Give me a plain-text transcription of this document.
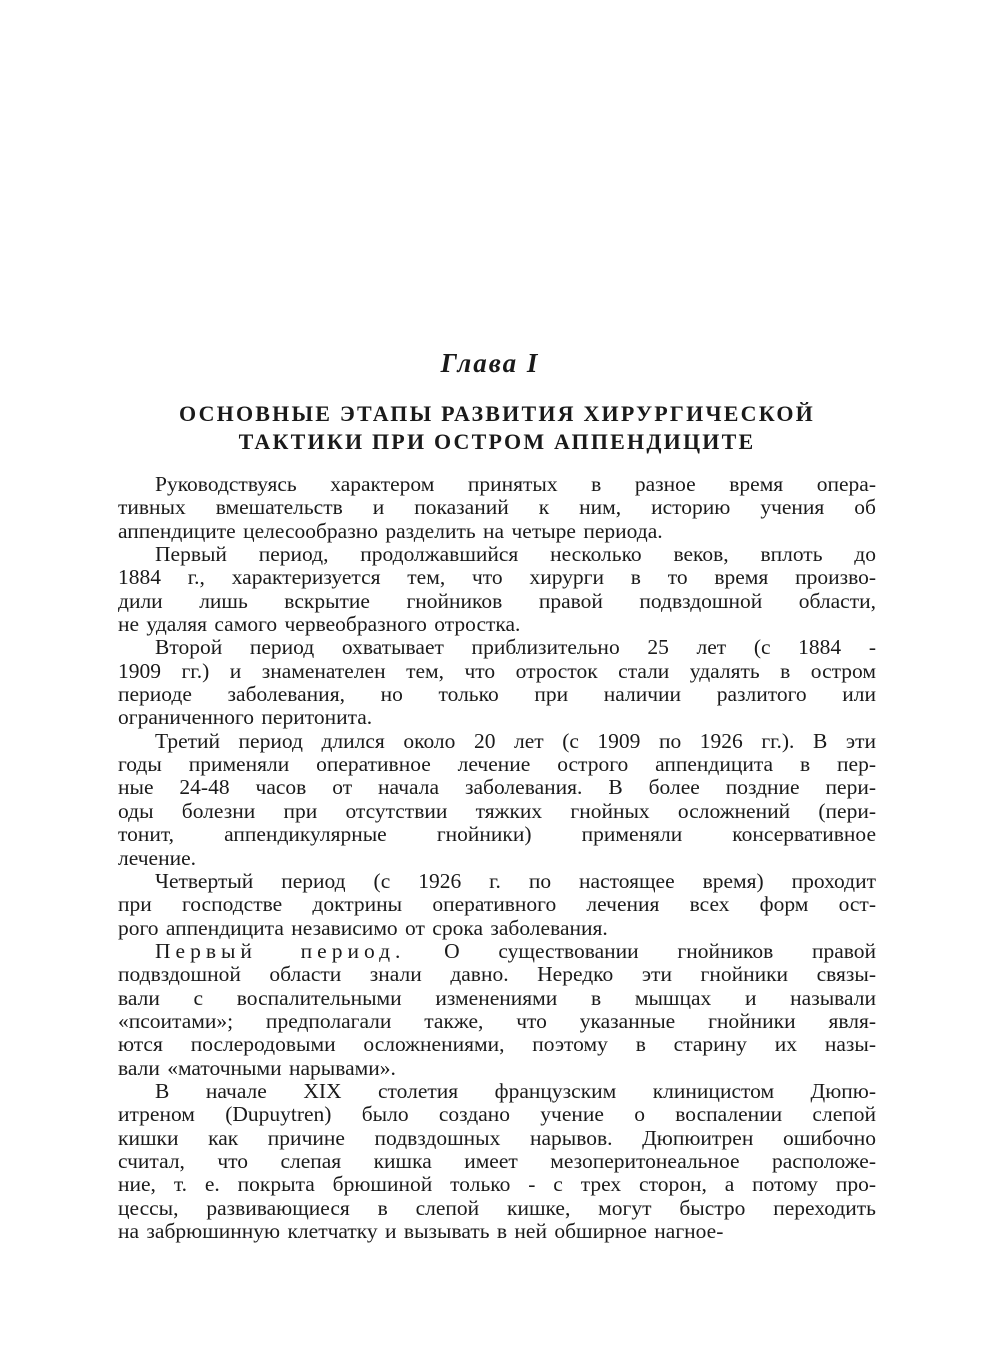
Глава I
ОСНОВНЫЕ ЭТАПЫ РАЗВИТИЯ ХИРУРГИЧЕСКОЙ
ТАКТИКИ ПРИ ОСТРОМ АППЕНДИЦИТЕ
Руководствуясь характером принятых в разное время опера-
тивных вмешательств и показаний к ним, историю учения об
аппендиците целесообразно разделить на четыре периода.
Первый период, продолжавшийся несколько веков, вплоть до
1884 г., характеризуется тем, что хирурги в то время произво-
дили лишь вскрытие гнойников правой подвздошной области,
не удаляя самого червеобразного отростка.
Второй период охватывает приблизительно 25 лет (с 1884 -
1909 гг.) и знаменателен тем, что отросток стали удалять в остром
периоде заболевания, но только при наличии разлитого или
ограниченного перитонита.
Третий период длился около 20 лет (с 1909 по 1926 гг.). В эти
годы применяли оперативное лечение острого аппендицита в пер-
ные 24-48 часов от начала заболевания. В более поздние пери-
оды болезни при отсутствии тяжких гнойных осложнений (пери-
тонит, аппендикулярные гнойники) применяли консервативное
лечение.
Четвертый период (с 1926 г. по настоящее время) проходит
при господстве доктрины оперативного лечения всех форм ост-
рого аппендицита независимо от срока заболевания.
Первый период. О существовании гнойников правой
подвздошной области знали давно. Нередко эти гнойники связы-
вали с воспалительными изменениями в мышцах и называли
«псоитами»; предполагали также, что указанные гнойники явля-
ются послеродовыми осложнениями, поэтому в старину их назы-
вали «маточными нарывами».
В начале XIX столетия французским клиницистом Дюпю-
итреном (Dupuytren) было создано учение о воспалении слепой
кишки как причине подвздошных нарывов. Дюпюитрен ошибочно
считал, что слепая кишка имеет мезоперитонеальное расположе-
ние, т. е. покрыта брюшиной только - с трех сторон, а потому про-
цессы, развивающиеся в слепой кишке, могут быстро переходить
на забрюшинную клетчатку и вызывать в ней обширное нагное-
